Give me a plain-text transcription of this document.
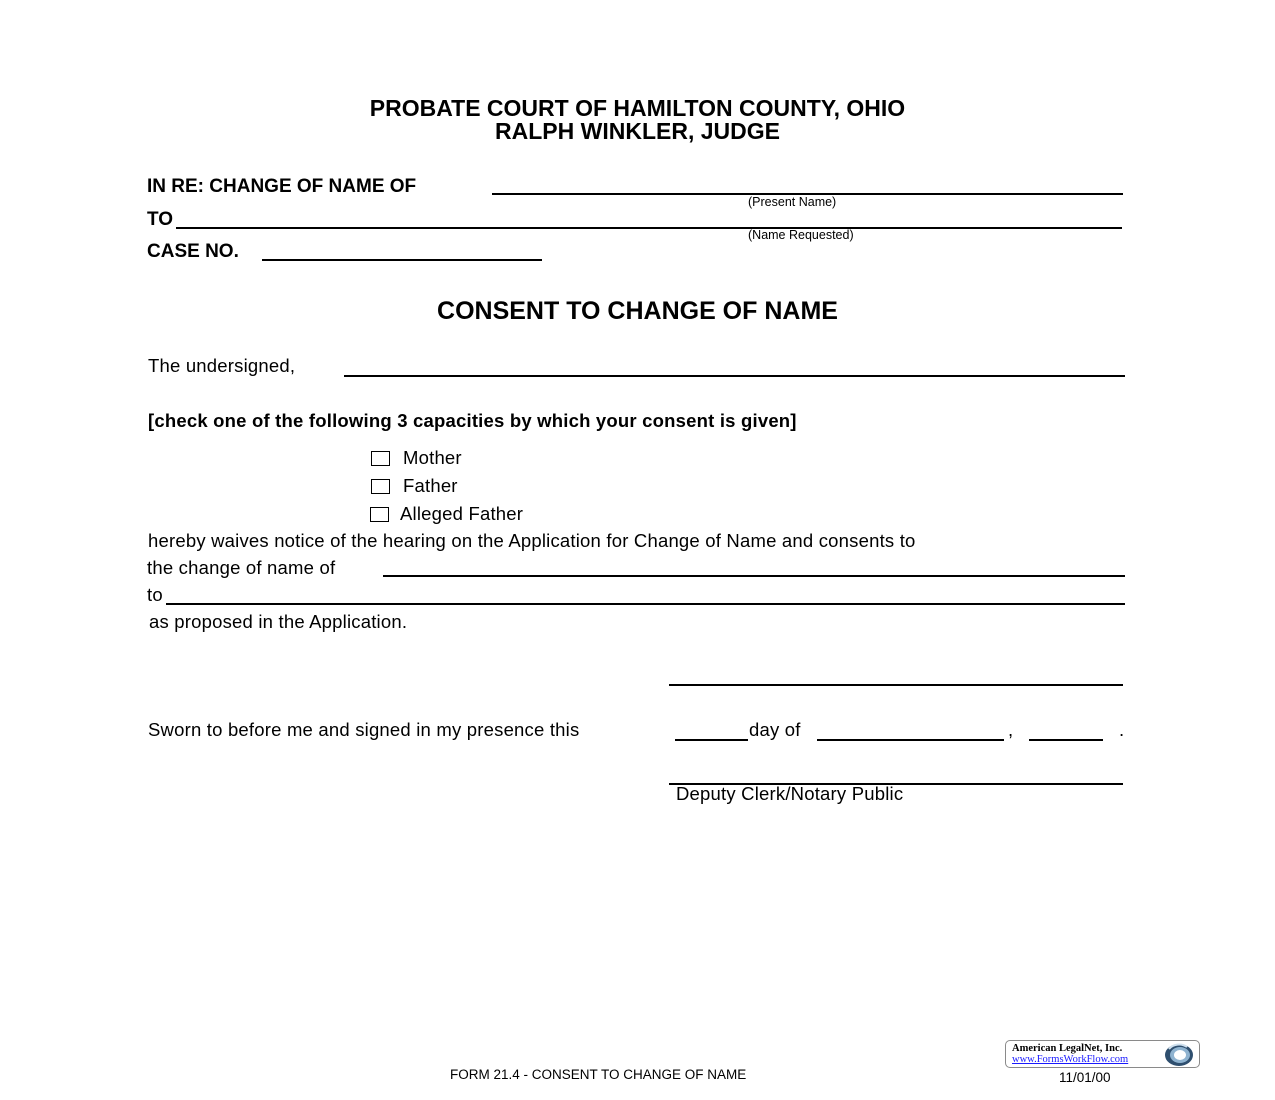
PROBATE COURT OF HAMILTON COUNTY, OHIO
RALPH WINKLER, JUDGE
IN RE: CHANGE OF NAME OF
(Present Name)
TO
(Name Requested)
CASE NO.
CONSENT TO CHANGE OF NAME
The undersigned,
[check one of the following 3 capacities by which your consent is given]
Mother
Father
Alleged Father
hereby waives notice of the hearing on the Application for Change of Name and consents to
the change of name of
to
as proposed in the Application.
Sworn to before me and signed in my presence this	day of	,	.
Deputy Clerk/Notary Public
FORM 21.4 - CONSENT TO CHANGE OF NAME	11/01/00
American LegalNet, Inc.
www.FormsWorkFlow.com
